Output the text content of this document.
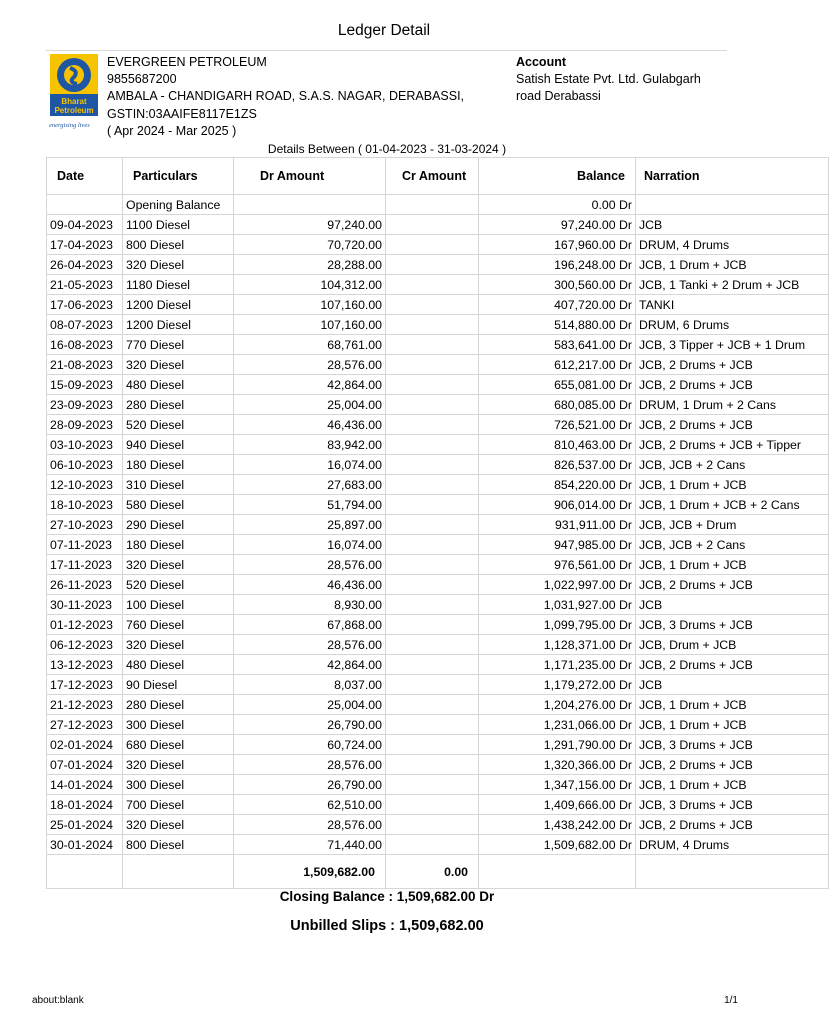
Ledger Detail
Bharat
Petroleum
energising lives
EVERGREEN PETROLEUM
9855687200
AMBALA - CHANDIGARH ROAD, S.A.S. NAGAR, DERABASSI,
GSTIN:03AAIFE8117E1ZS
( Apr 2024 - Mar 2025 )
Account
Satish Estate Pvt. Ltd. Gulabgarh road Derabassi
Details Between ( 01-04-2023 - 31-03-2024 )
Date	Particulars	Dr Amount	Cr Amount	Balance	Narration
	Opening Balance			0.00 Dr	
09-04-2023	1100 Diesel	97,240.00		97,240.00 Dr	JCB
17-04-2023	800 Diesel	70,720.00		167,960.00 Dr	DRUM, 4 Drums
26-04-2023	320 Diesel	28,288.00		196,248.00 Dr	JCB, 1 Drum + JCB
21-05-2023	1180 Diesel	104,312.00		300,560.00 Dr	JCB, 1 Tanki + 2 Drum + JCB
17-06-2023	1200 Diesel	107,160.00		407,720.00 Dr	TANKI
08-07-2023	1200 Diesel	107,160.00		514,880.00 Dr	DRUM, 6 Drums
16-08-2023	770 Diesel	68,761.00		583,641.00 Dr	JCB, 3 Tipper + JCB + 1 Drum
21-08-2023	320 Diesel	28,576.00		612,217.00 Dr	JCB, 2 Drums + JCB
15-09-2023	480 Diesel	42,864.00		655,081.00 Dr	JCB, 2 Drums + JCB
23-09-2023	280 Diesel	25,004.00		680,085.00 Dr	DRUM, 1 Drum + 2 Cans
28-09-2023	520 Diesel	46,436.00		726,521.00 Dr	JCB, 2 Drums + JCB
03-10-2023	940 Diesel	83,942.00		810,463.00 Dr	JCB, 2 Drums + JCB + Tipper
06-10-2023	180 Diesel	16,074.00		826,537.00 Dr	JCB, JCB + 2 Cans
12-10-2023	310 Diesel	27,683.00		854,220.00 Dr	JCB, 1 Drum + JCB
18-10-2023	580 Diesel	51,794.00		906,014.00 Dr	JCB, 1 Drum + JCB + 2 Cans
27-10-2023	290 Diesel	25,897.00		931,911.00 Dr	JCB, JCB + Drum
07-11-2023	180 Diesel	16,074.00		947,985.00 Dr	JCB, JCB + 2 Cans
17-11-2023	320 Diesel	28,576.00		976,561.00 Dr	JCB, 1 Drum + JCB
26-11-2023	520 Diesel	46,436.00		1,022,997.00 Dr	JCB, 2 Drums + JCB
30-11-2023	100 Diesel	8,930.00		1,031,927.00 Dr	JCB
01-12-2023	760 Diesel	67,868.00		1,099,795.00 Dr	JCB, 3 Drums + JCB
06-12-2023	320 Diesel	28,576.00		1,128,371.00 Dr	JCB, Drum + JCB
13-12-2023	480 Diesel	42,864.00		1,171,235.00 Dr	JCB, 2 Drums + JCB
17-12-2023	90 Diesel	8,037.00		1,179,272.00 Dr	JCB
21-12-2023	280 Diesel	25,004.00		1,204,276.00 Dr	JCB, 1 Drum + JCB
27-12-2023	300 Diesel	26,790.00		1,231,066.00 Dr	JCB, 1 Drum + JCB
02-01-2024	680 Diesel	60,724.00		1,291,790.00 Dr	JCB, 3 Drums + JCB
07-01-2024	320 Diesel	28,576.00		1,320,366.00 Dr	JCB, 2 Drums + JCB
14-01-2024	300 Diesel	26,790.00		1,347,156.00 Dr	JCB, 1 Drum + JCB
18-01-2024	700 Diesel	62,510.00		1,409,666.00 Dr	JCB, 3 Drums + JCB
25-01-2024	320 Diesel	28,576.00		1,438,242.00 Dr	JCB, 2 Drums + JCB
30-01-2024	800 Diesel	71,440.00		1,509,682.00 Dr	DRUM, 4 Drums
		1,509,682.00	0.00		
Closing Balance : 1,509,682.00 Dr
Unbilled Slips : 1,509,682.00
about:blank	1/1
